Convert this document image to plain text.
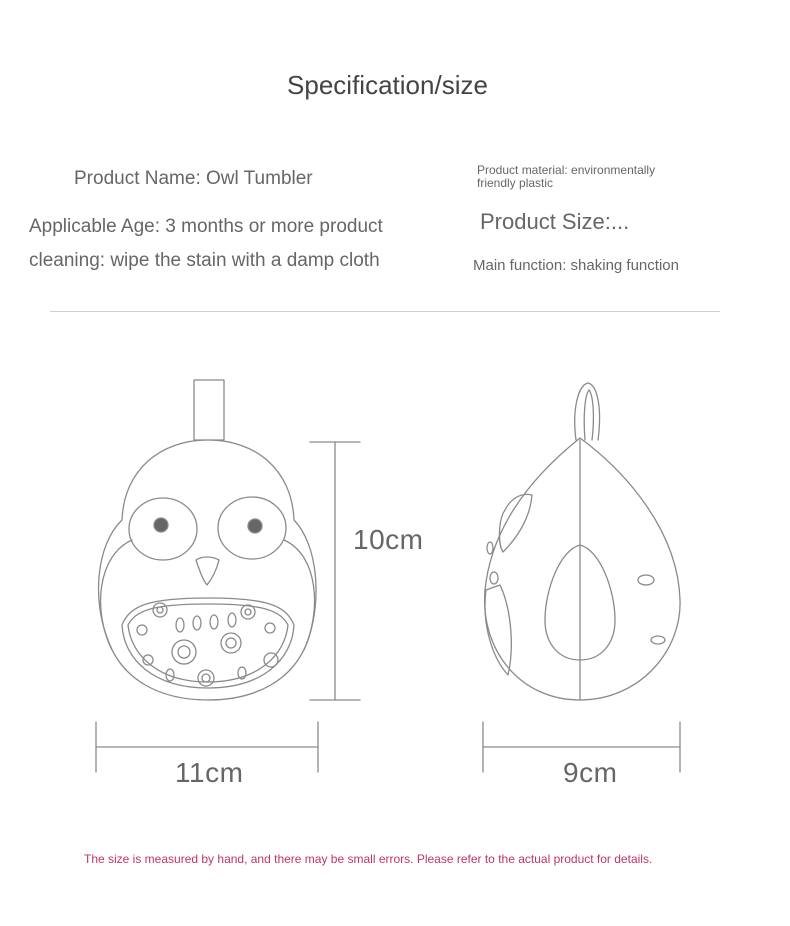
Specification/size
Product Name: Owl Tumbler
Applicable Age: 3 months or more product
cleaning: wipe the stain with a damp cloth
Product material: environmentally friendly plastic
Product Size:...
Main function: shaking function
10cm
11cm	9cm
The size is measured by hand, and there may be small errors. Please refer to the actual product for details.
